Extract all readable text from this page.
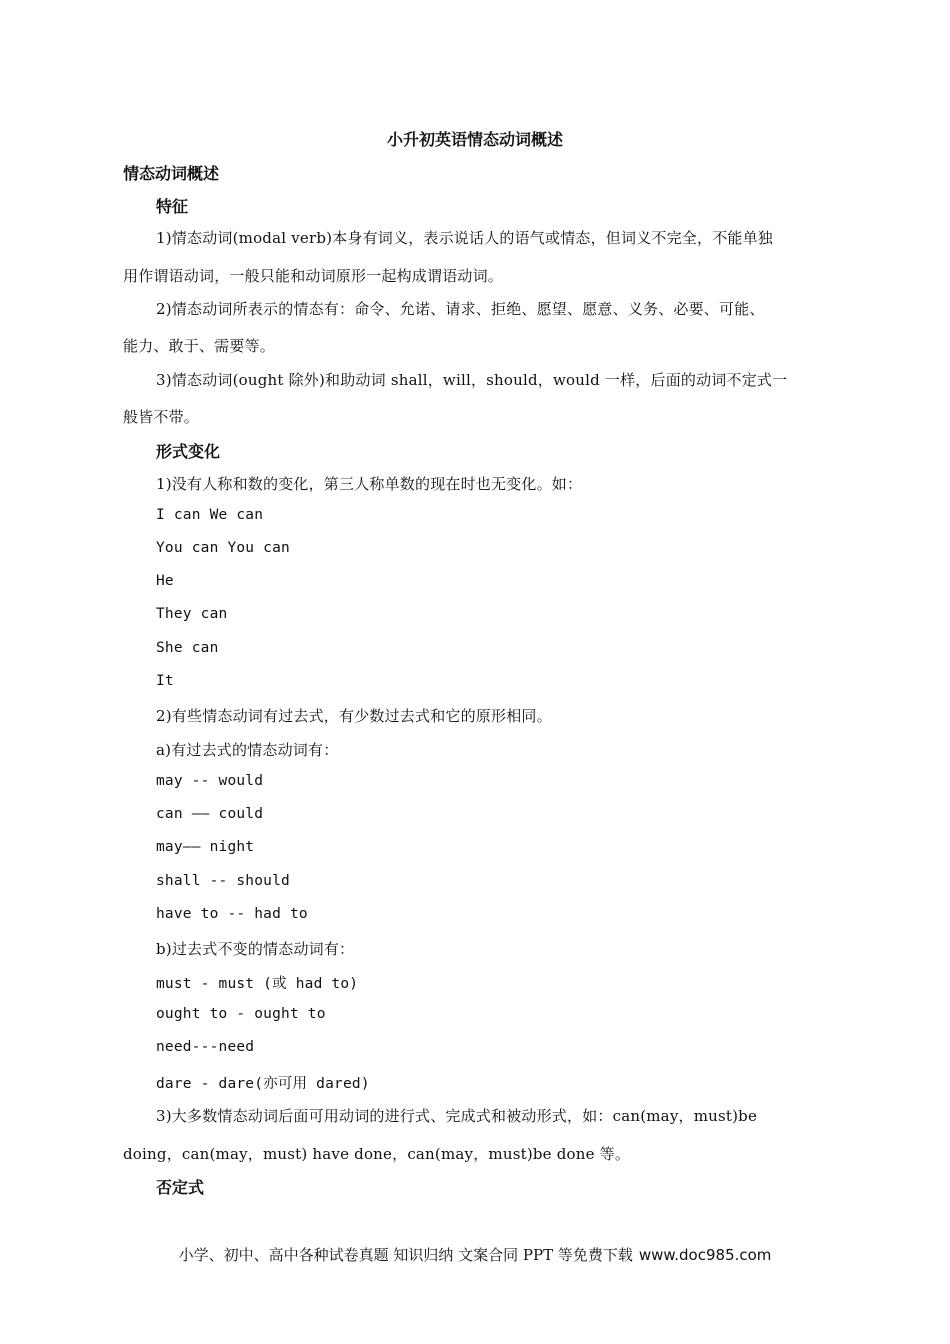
小升初英语情态动词概述
情态动词概述
特征
1)情态动词(modal verb)本身有词义，表示说话人的语气或情态，但词义不完全，不能单独
用作谓语动词，一般只能和动词原形一起构成谓语动词。
2)情态动词所表示的情态有：命令、允诺、请求、拒绝、愿望、愿意、义务、必要、可能、
能力、敢于、需要等。
3)情态动词(ought 除外)和助动词 shall，will，should，would 一样，后面的动词不定式一
般皆不带。
形式变化
1)没有人称和数的变化，第三人称单数的现在时也无变化。如：
I can We can
You can You can
He
They can
She can
It
2)有些情态动词有过去式，有少数过去式和它的原形相同。
a)有过去式的情态动词有：
may -- would
can —— could
may—— night
shall -- should
have to -- had to
b)过去式不变的情态动词有：
must - must (或 had to)
ought to - ought to
need---need
dare - dare(亦可用 dared)
3)大多数情态动词后面可用动词的进行式、完成式和被动形式，如：can(may，must)be
doing，can(may，must) have done，can(may，must)be done 等。
否定式
小学、初中、高中各种试卷真题 知识归纳 文案合同 PPT 等免费下载 www.doc985.com
